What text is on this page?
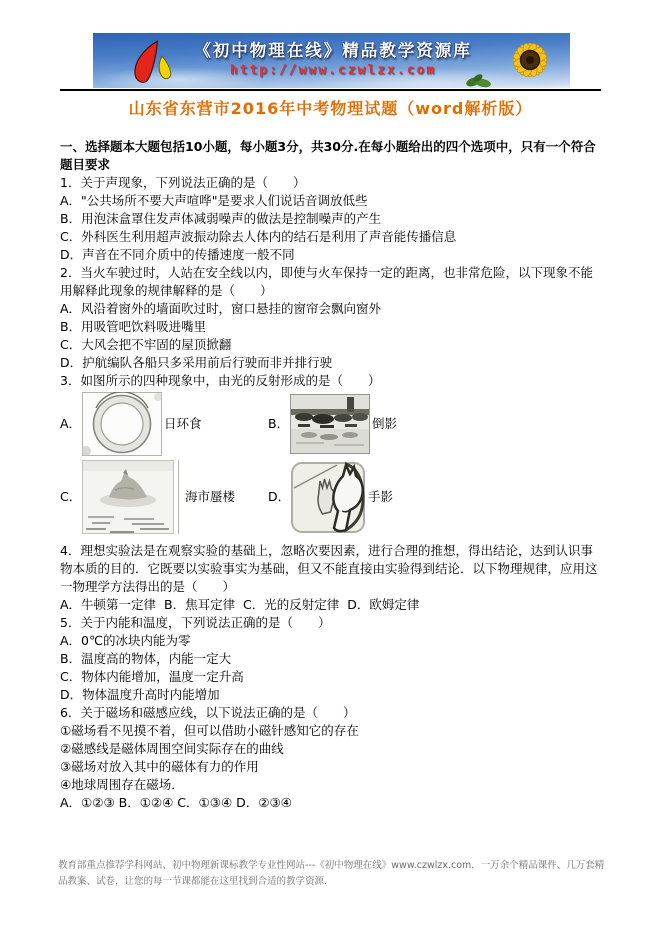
《初中物理在线》精品教学资源库
http://www.czwlzx.com
山东省东营市2016年中考物理试题（word解析版）
一、选择题本大题包括10小题，每小题3分，共30分.在每小题给出的四个选项中，只有一个符合题目要求
1．关于声现象，下列说法正确的是（　　）
A．"公共场所不要大声喧哗"是要求人们说话音调放低些
B．用泡沫盒罩住发声体减弱噪声的做法是控制噪声的产生
C．外科医生利用超声波振动除去人体内的结石是利用了声音能传播信息
D．声音在不同介质中的传播速度一般不同
2．当火车驶过时，人站在安全线以内，即使与火车保持一定的距离，也非常危险，以下现象不能用解释此现象的规律解释的是（　　）
A．风沿着窗外的墙面吹过时，窗口悬挂的窗帘会飘向窗外
B．用吸管吧饮料吸进嘴里
C．大风会把不牢固的屋顶掀翻
D．护航编队各船只多采用前后行驶而非并排行驶
3．如图所示的四种现象中，由光的反射形成的是（　　）
A．	日环食	B．	倒影
C．	海市蜃楼	D．	手影
4．理想实验法是在观察实验的基础上，忽略次要因素，进行合理的推想，得出结论，达到认识事物本质的目的．它既要以实验事实为基础，但又不能直接由实验得到结论．以下物理规律，应用这一物理学方法得出的是（　　）
A．牛顿第一定律  B．焦耳定律  C．光的反射定律  D．欧姆定律
5．关于内能和温度，下列说法正确的是（　　）
A．0℃的冰块内能为零
B．温度高的物体，内能一定大
C．物体内能增加，温度一定升高
D．物体温度升高时内能增加
6．关于磁场和磁感应线，以下说法正确的是（　　）
①磁场看不见摸不着，但可以借助小磁针感知它的存在
②磁感线是磁体周围空间实际存在的曲线
③磁场对放入其中的磁体有力的作用
④地球周围存在磁场．
A．①②③ B．①②④ C．①③④ D．②③④
教育部重点推荐学科网站、初中物理新课标教学专业性网站---《初中物理在线》www.czwlzx.com．一万余个精品课件、几万套精品教案、试卷，让您的每一节课都能在这里找到合适的教学资源．
